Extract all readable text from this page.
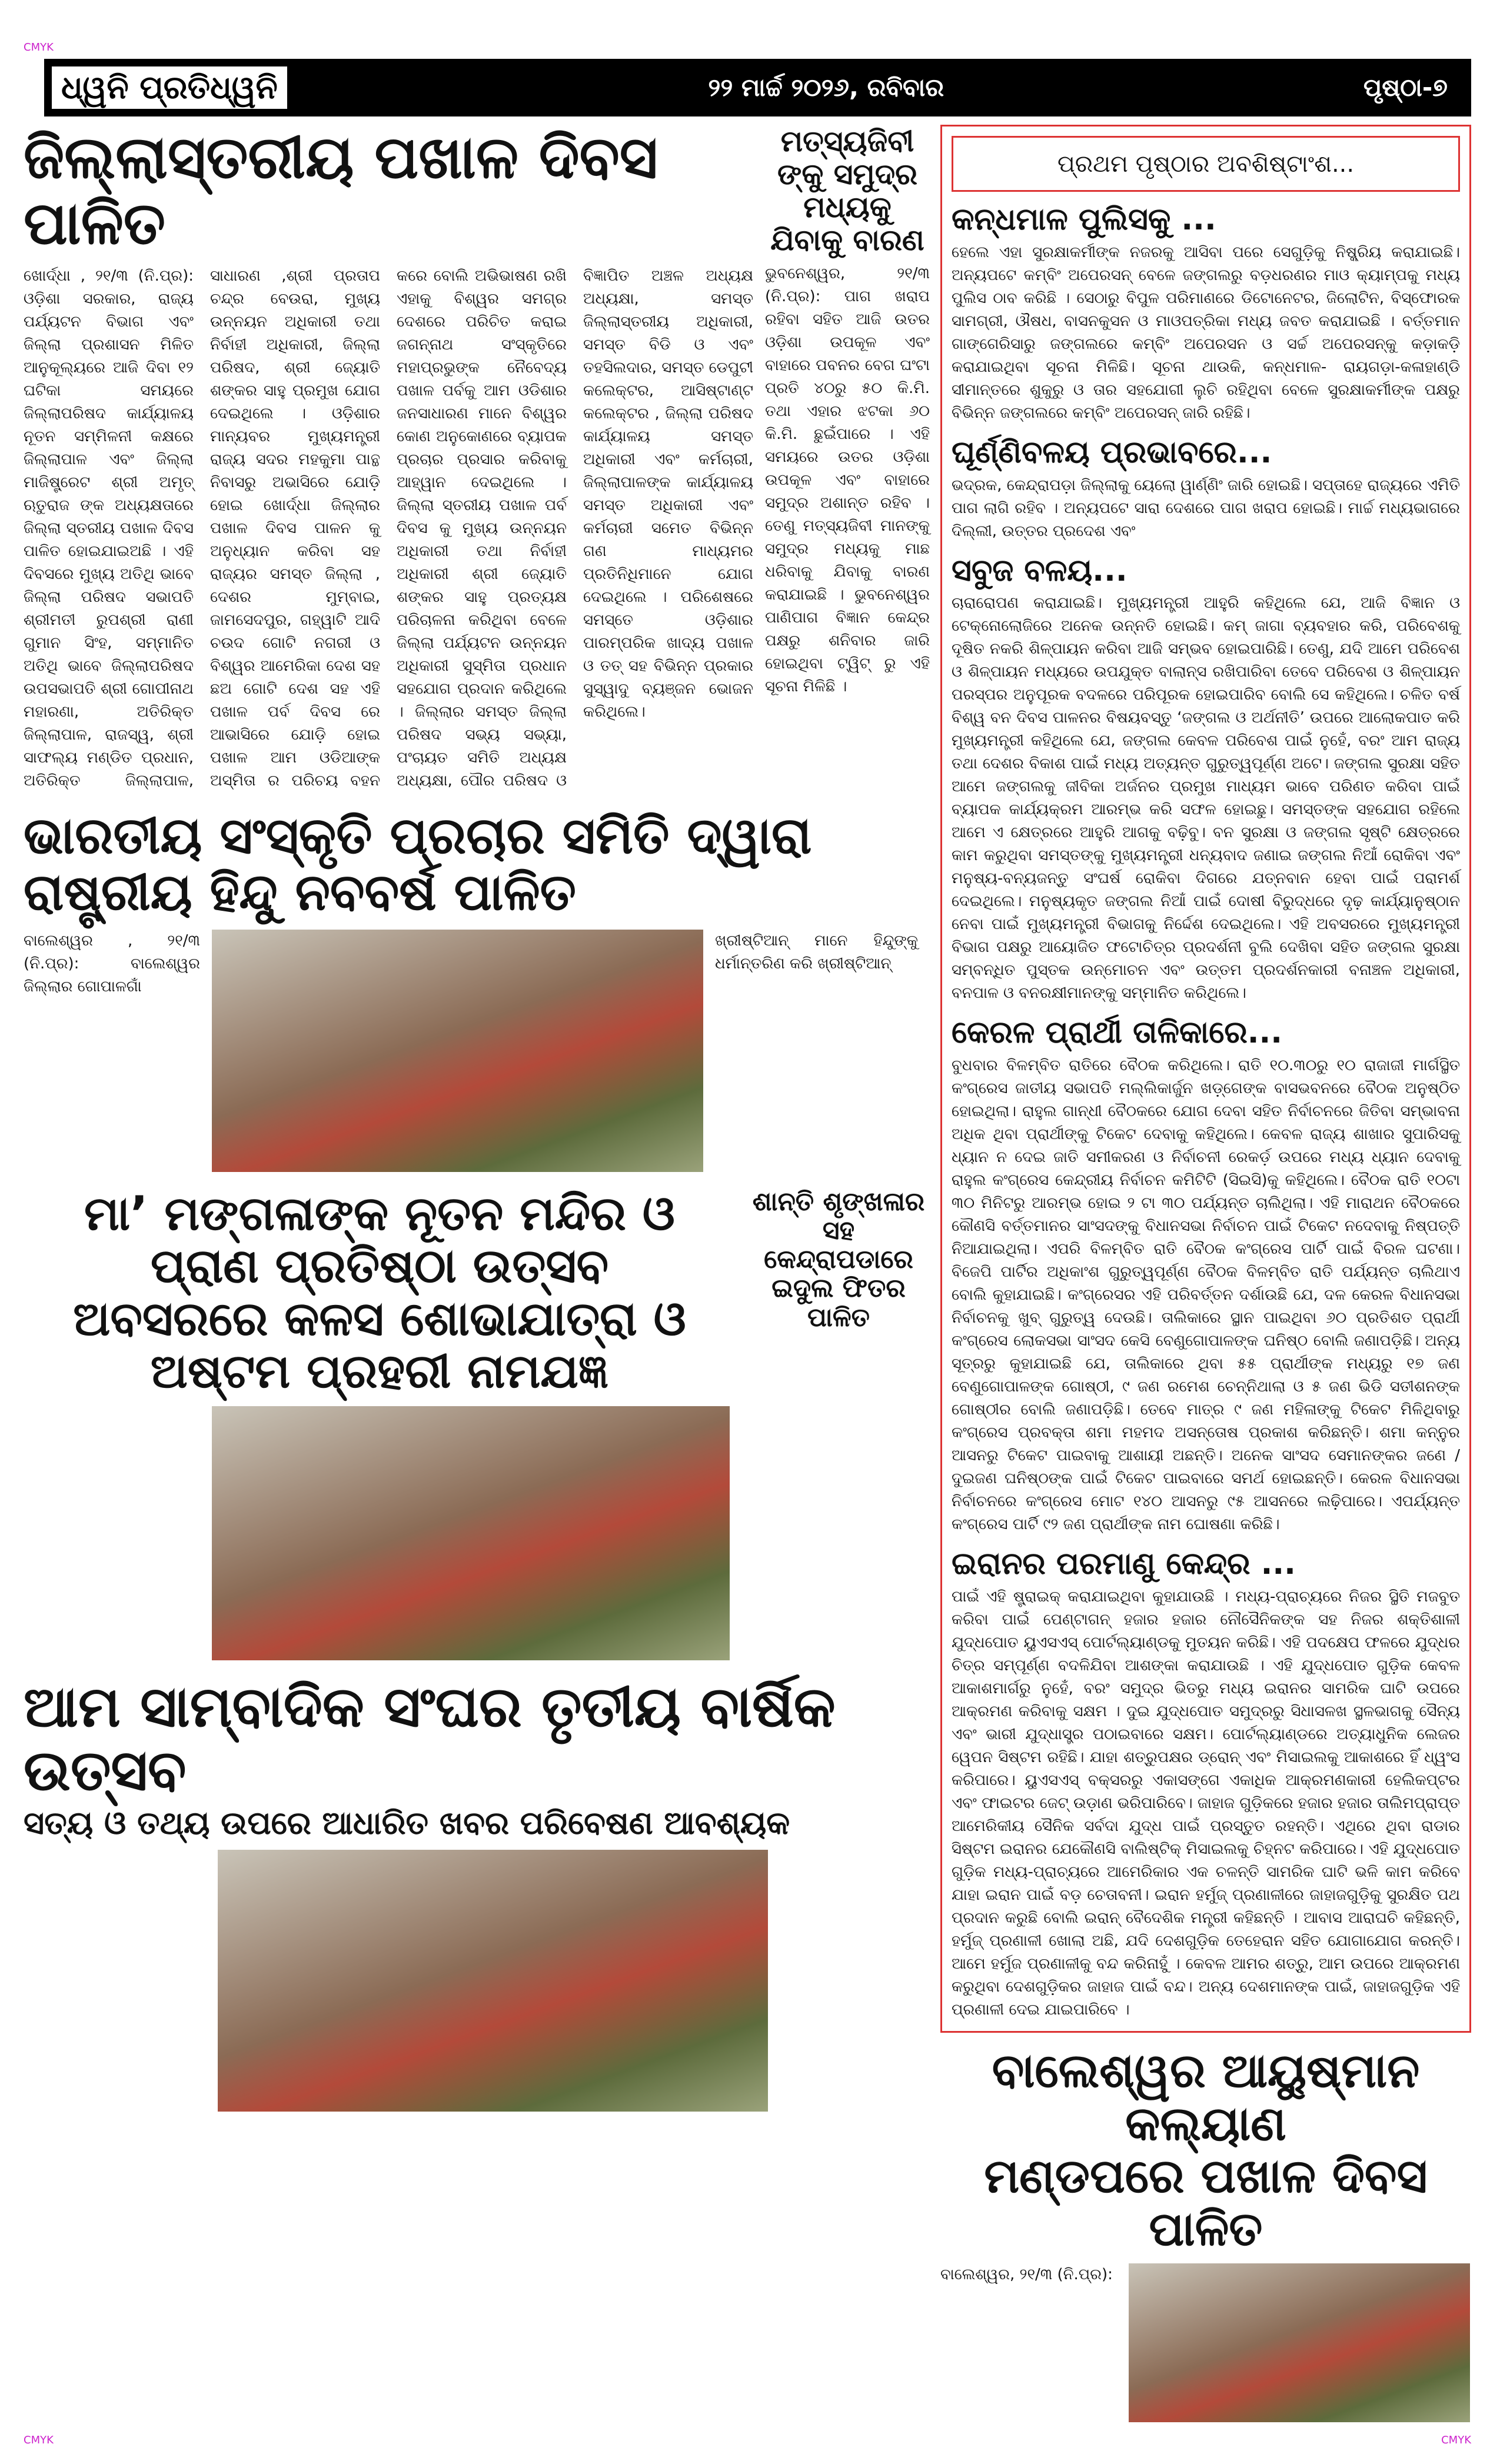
CMYK
ଧ୍ୱନି ପ୍ରତିଧ୍ୱନି	୨୨ ମାର୍ଚ୍ଚ ୨୦୨୬, ରବିବାର	ପୃଷ୍ଠା-୭
ଜିଲ୍ଲାସ୍ତରୀୟ ପଖାଳ ଦିବସ ପାଳିତ
ଖୋର୍ଦ୍ଧା , ୨୧/୩ (ନି.ପ୍ର): ଓଡ଼ିଶା ସରକାର, ରାଜ୍ୟ ପର୍ଯ୍ୟଟନ ବିଭାଗ ଏବଂ ଜିଲ୍ଲା ପ୍ରଶାସନ ମିଳିତ ଆନୁକୂଲ୍ୟରେ ଆଜି ଦିବା ୧୨ ଘଟିକା ସମୟରେ ଜିଲ୍ଲାପରିଷଦ କାର୍ଯ୍ୟାଳୟ ନୂତନ ସମ୍ମିଳନୀ କକ୍ଷରେ ଜିଲ୍ଲାପାଳ ଏବଂ ଜିଲ୍ଲା ମାଜିଷ୍ଟ୍ରେଟ ଶ୍ରୀ ଅମୃତ୍ ଋତୁରାଜ ଙ୍କ ଅଧ୍ୟକ୍ଷତାରେ ଜିଲ୍ଲା ସ୍ତରୀୟ ପଖାଳ ଦିବସ ପାଳିତ ହୋଇଯାଇଅଛି । ଏହି ଦିବସରେ ମୁଖ୍ୟ ଅତିଥି ଭାବେ ଜିଲ୍ଲା ପରିଷଦ ସଭାପତି ଶ୍ରୀମତୀ ରୁପଶ୍ରୀ ରାଣୀ ଗୁମାନ ସିଂହ, ସମ୍ମାନିତ ଅତିଥି ଭାବେ ଜିଲ୍ଲାପରିଷଦ ଉପସଭାପତି ଶ୍ରୀ ଗୋପୀନାଥ ମହାରଣା, ଅତିରିକ୍ତ ଜିଲ୍ଲାପାଳ, ରାଜସ୍ୱ, ଶ୍ରୀ ସାଫଲ୍ୟ ମଣ୍ଡିତ ପ୍ରଧାନ, ଅତିରିକ୍ତ ଜିଲ୍ଲାପାଳ, ସାଧାରଣ ,ଶ୍ରୀ ପ୍ରତାପ ଚନ୍ଦ୍ର ବେଉରା, ମୁଖ୍ୟ ଉନ୍ନୟନ ଅଧିକାରୀ ତଥା ନିର୍ବାହୀ ଅଧିକାରୀ, ଜିଲ୍ଲା ପରିଷଦ, ଶ୍ରୀ ଜ୍ୟୋତି ଶଙ୍କର ସାହୁ ପ୍ରମୁଖ ଯୋଗ ଦେଇଥିଲେ । ଓଡ଼ିଶାର ମାନ୍ୟବର ମୁଖ୍ୟମନ୍ତ୍ରୀ ରାଜ୍ୟ ସଦର ମହକୁମା ପାନ୍ଥ ନିବାସରୁ ଅଭାସିରେ ଯୋଡ଼ି ହୋଇ ଖୋର୍ଦ୍ଧା ଜିଲ୍ଲାର ପଖାଳ ଦିବସ ପାଳନ କୁ ଅନୁଧ୍ୟାନ କରିବା ସହ ରାଜ୍ୟର ସମସ୍ତ ଜିଲ୍ଲା , ଦେଶର ମୁମ୍ବାଇ, ଜାମସେଦପୁର, ଗହ୍ୱାଟି ଆଦି ଚଉଦ ଗୋଟି ନଗରୀ ଓ ବିଶ୍ୱର ଆମେରିକା ଦେଶ ସହ ଛଅ ଗୋଟି ଦେଶ ସହ ଏହି ପଖାଳ ପର୍ବ ଦିବସ ରେ ଆଭାସିରେ ଯୋଡ଼ି ହୋଇ ପଖାଳ ଆମ ଓଡିଆଙ୍କ ଅସ୍ମିତା ର ପରିଚୟ ବହନ କରେ ବୋଲି ଅଭିଭାଷଣ ରଖି ଏହାକୁ ବିଶ୍ୱର ସମଗ୍ର ଦେଶରେ ପରିଚିତ କରାଇ ଜଗନ୍ନାଥ ସଂସ୍କୃତିରେ ମହାପ୍ରଭୁଙ୍କ ନୈବେଦ୍ୟ ପଖାଳ ପର୍ବକୁ ଆମ ଓଡିଶାର ଜନସାଧାରଣ ମାନେ ବିଶ୍ୱର କୋଣ ଅନୁକୋଣରେ ବ୍ୟାପକ ପ୍ରଚାର ପ୍ରସାର କରିବାକୁ ଆହ୍ୱାନ ଦେଇଥିଲେ । ଜିଲ୍ଲା ସ୍ତରୀୟ ପଖାଳ ପର୍ବ ଦିବସ କୁ ମୁଖ୍ୟ ଉନ୍ନୟନ ଅଧିକାରୀ ତଥା ନିର୍ବାହୀ ଅଧିକାରୀ ଶ୍ରୀ ଜ୍ୟୋତି ଶଙ୍କର ସାହୁ ପ୍ରତ୍ୟକ୍ଷ ପରିଚାଳନା କରିଥିବା ବେଳେ ଜିଲ୍ଲା ପର୍ଯ୍ୟଟନ ଉନ୍ନୟନ ଅଧିକାରୀ ସୁସ୍ମିତା ପ୍ରଧାନ ସହଯୋଗ ପ୍ରଦାନ କରିଥିଲେ । ଜିଲ୍ଲାର ସମସ୍ତ ଜିଲ୍ଲା ପରିଷଦ ସଭ୍ୟ ସଭ୍ୟା, ପଂଚାୟତ ସମିତି ଅଧ୍ୟକ୍ଷ ଅଧ୍ୟକ୍ଷା, ପୌର ପରିଷଦ ଓ ବିଜ୍ଞାପିତ ଅଞ୍ଚଳ ଅଧ୍ୟକ୍ଷ ଅଧ୍ୟକ୍ଷା, ସମସ୍ତ ଜିଲ୍ଲାସ୍ତରୀୟ ଅଧିକାରୀ, ସମସ୍ତ ବିଡି ଓ ଏବଂ ତହସିଲଦାର, ସମସ୍ତ ଡେପୁଟୀ କଲେକ୍ଟର, ଆସିଷ୍ଟାଣ୍ଟ କଲେକ୍ଟର , ଜିଲ୍ଲା ପରିଷଦ କାର୍ଯ୍ୟାଳୟ ସମସ୍ତ ଅଧିକାରୀ ଏବଂ କର୍ମଚାରୀ, ଜିଲ୍ଲାପାଳଙ୍କ କାର୍ଯ୍ୟାଳୟ ସମସ୍ତ ଅଧିକାରୀ ଏବଂ କର୍ମଚାରୀ ସମେତ ବିଭିନ୍ନ ଗଣ ମାଧ୍ୟମର ପ୍ରତିନିଧିମାନେ ଯୋଗ ଦେଇଥିଲେ । ପରିଶେଷରେ ସମସ୍ତେ ଓଡ଼ିଶାର ପାରମ୍ପରିକ ଖାଦ୍ୟ ପଖାଳ ଓ ତତ୍ ସହ ବିଭିନ୍ନ ପ୍ରକାର ସୁସ୍ୱାଦୁ ବ୍ୟଞ୍ଜନ ଭୋଜନ କରିଥିଲେ।
ମତ୍ସ୍ୟଜିବୀଙ୍କୁ ସମୁଦ୍ର ମଧ୍ୟକୁ ଯିବାକୁ ବାରଣ
ଭୁବନେଶ୍ୱର, ୨୧/୩ (ନି.ପ୍ର): ପାଗ ଖରାପ ରହିବା ସହିତ ଆଜି ଉତର ଓଡ଼ିଶା ଉପକୂଳ ଏବଂ ବାହାରେ ପବନର ବେଗ ଘଂଟା ପ୍ରତି ୪୦ରୁ ୫୦ କି.ମି. ତଥା ଏହାର ଝଟକା ୬୦ କି.ମି. ଛୁଇଁପାରେ । ଏହି ସମୟରେ ଉତର ଓଡ଼ିଶା ଉପକୂଳ ଏବଂ ବାହାରେ ସମୁଦ୍ର ଅଶାନ୍ତ ରହିବ । ତେଣୁ ମତ୍ସ୍ୟଜିବୀ ମାନଙ୍କୁ ସମୁଦ୍ର ମଧ୍ୟକୁ ମାଛ ଧରିବାକୁ ଯିବାକୁ ବାରଣ କରାଯାଇଛି । ଭୁବନେଶ୍ୱର ପାଣିପାଗ ବିଜ୍ଞାନ କେନ୍ଦ୍ର ପକ୍ଷରୁ ଶନିବାର ଜାରି ହୋଇଥିବା ଟ୍ୱିଟ୍ ରୁ ଏହି ସୂଚନା ମିଳିଛି ।
ଭାରତୀୟ ସଂସ୍କୃତି ପ୍ରଚାର ସମିତି ଦ୍ୱାରା ରାଷ୍ଟ୍ରୀୟ ହିନ୍ଦୁ ନବବର୍ଷ ପାଳିତ
ବାଲେଶ୍ୱର , ୨୧/୩ (ନି.ପ୍ର): ବାଲେଶ୍ୱର ଜିଲ୍ଲାର ଗୋପାଳଗାଁ
ଖ୍ରୀଷ୍ଟିଆନ୍ ମାନେ ହିନ୍ଦୁଙ୍କୁ ଧର୍ମାନ୍ତରିଣ କରି ଖ୍ରୀଷ୍ଟିଆନ୍
ମା’ ମଙ୍ଗଳାଙ୍କ ନୂତନ ମନ୍ଦିର ଓ ପ୍ରାଣ ପ୍ରତିଷ୍ଠା ଉତ୍ସବ
ଅବସରରେ କଳସ ଶୋଭାଯାତ୍ରା ଓ ଅଷ୍ଟମ ପ୍ରହରୀ ନାମଯଜ୍ଞ
ଶାନ୍ତି ଶୃଙ୍ଖଳାର ସହ କେନ୍ଦ୍ରାପଡାରେ ଇଦୁଲ ଫିତର ପାଳିତ
ଆମ ସାମ୍ବାଦିକ ସଂଘର ତୃତୀୟ ବାର୍ଷିକ ଉତ୍ସବ
ସତ୍ୟ ଓ ତଥ୍ୟ ଉପରେ ଆଧାରିତ ଖବର ପରିବେଷଣ ଆବଶ୍ୟକ
ପ୍ରଥମ ପୃଷ୍ଠାର ଅବଶିଷ୍ଟାଂଶ...
କନ୍ଧମାଳ ପୁଲିସକୁ ...
ହେଲେ ଏହା ସୁରକ୍ଷାକର୍ମୀଙ୍କ ନଜରକୁ ଆସିବା ପରେ ସେଗୁଡ଼ିକୁ ନିଷ୍କ୍ରିୟ କରାଯାଇଛି। ଅନ୍ୟପଟେ କମ୍ବିଂ ଅପେରସନ୍ ବେଳେ ଜଙ୍ଗଲରୁ ବଡ଼ଧରଣର ମାଓ କ୍ୟାମ୍ପକୁ ମଧ୍ୟ ପୁଲିସ ଠାବ କରିଛି । ସେଠାରୁ ବିପୁଳ ପରିମାଣରେ ଡିଟୋନେଟର, ଜିଲୋଟିନ, ବିସ୍ଫୋରକ ସାମଗ୍ରୀ, ଔଷଧ, ବାସନକୁସନ ଓ ମାଓପତ୍ରିକା ମଧ୍ୟ ଜବତ କରାଯାଇଛି । ବର୍ତ୍ତମାନ ଗାଙ୍ଗେରିସାରୁ ଜଙ୍ଗଲରେ କମ୍ବିଂ ଅପେରସନ ଓ ସର୍ଚ୍ଚ ଅପେରସନ୍‌କୁ କଡ଼ାକଡ଼ି କରାଯାଇଥିବା ସୂଚନା ମିଳିଛି। ସୂଚନା ଥାଉକି, କନ୍ଧମାଳ- ରାୟଗଡ଼ା-କଳାହାଣ୍ଡି ସୀମାନ୍ତରେ ଶୁକୁରୁ ଓ ତାର ସହଯୋଗୀ ଲୁଚି ରହିଥିବା ବେଳେ ସୁରକ୍ଷାକର୍ମୀଙ୍କ ପକ୍ଷରୁ ବିଭିନ୍ନ ଜଙ୍ଗଲରେ କମ୍ବିଂ ଅପେରସନ୍ ଜାରି ରହିଛି।
ଘୂର୍ଣ୍ଣିବଳୟ ପ୍ରଭାବରେ...
ଭଦ୍ରକ, କେନ୍ଦ୍ରାପଡ଼ା ଜିଲ୍ଲାକୁ ୟେଲୋ ୱାର୍ଣ୍ଣିଂ ଜାରି ହୋଇଛି। ସପ୍ତାହେ ରାଜ୍ୟରେ ଏମିତି ପାଗ ଲାଗି ରହିବ । ଅନ୍ୟପଟେ ସାରା ଦେଶରେ ପାଗ ଖରାପ ହୋଇଛି। ମାର୍ଚ୍ଚ ମଧ୍ୟଭାଗରେ ଦିଲ୍ଲୀ, ଉତ୍ତର ପ୍ରଦେଶ ଏବଂ
ସବୁଜ ବଳୟ...
ଚାରାରୋପଣ କରାଯାଇଛି। ମୁଖ୍ୟମନ୍ତ୍ରୀ ଆହୁରି କହିଥିଲେ ଯେ, ଆଜି ବିଜ୍ଞାନ ଓ ଟେକ୍‌ନୋଲୋଜିରେ ଅନେକ ଉନ୍ନତି ହୋଇଛି। କମ୍ ଜାଗା ବ୍ୟବହାର କରି, ପରିବେଶକୁ ଦୂଷିତ ନକରି ଶିଳ୍ପାୟନ କରିବା ଆଜି ସମ୍ଭବ ହୋଇପାରିଛି। ତେଣୁ, ଯଦି ଆମେ ପରିବେଶ ଓ ଶିଳ୍ପାୟନ ମଧ୍ୟରେ ଉପଯୁକ୍ତ ବାଲାନ୍ସ ରଖିପାରିବା ତେବେ ପରିବେଶ ଓ ଶିଳ୍ପାୟନ ପରସ୍ପର ଅନୁପୂରକ ବଦଳରେ ପରିପୂରକ ହୋଇପାରିବ ବୋଲି ସେ କହିଥିଲେ। ଚଳିତ ବର୍ଷ ବିଶ୍ୱ ବନ ଦିବସ ପାଳନର ବିଷୟବସ୍ତୁ ‘ଜଙ୍ଗଲ ଓ ଅର୍ଥନୀତି’ ଉପରେ ଆଲୋକପାତ କରି ମୁଖ୍ୟମନ୍ତ୍ରୀ କହିଥିଲେ ଯେ, ଜଙ୍ଗଲ କେବଳ ପରିବେଶ ପାଇଁ ନୁହେଁ, ବରଂ ଆମ ରାଜ୍ୟ ତଥା ଦେଶର ବିକାଶ ପାଇଁ ମଧ୍ୟ ଅତ୍ୟନ୍ତ ଗୁରୁତ୍ୱପୂର୍ଣ୍ଣ ଅଟେ। ଜଙ୍ଗଲ ସୁରକ୍ଷା ସହିତ ଆମେ ଜଙ୍ଗଲକୁ ଜୀବିକା ଅର୍ଜନର ପ୍ରମୁଖ ମାଧ୍ୟମ ଭାବେ ପରିଣତ କରିବା ପାଇଁ ବ୍ୟାପକ କାର୍ଯ୍ୟକ୍ରମ ଆରମ୍ଭ କରି ସଫଳ ହୋଇଛୁ। ସମସ୍ତଙ୍କ ସହଯୋଗ ରହିଲେ ଆମେ ଏ କ୍ଷେତ୍ରରେ ଆହୁରି ଆଗକୁ ବଢ଼ିବୁ। ବନ ସୁରକ୍ଷା ଓ ଜଙ୍ଗଲ ସୃଷ୍ଟି କ୍ଷେତ୍ରରେ କାମ କରୁଥିବା ସମସ୍ତଙ୍କୁ ମୁଖ୍ୟମନ୍ତ୍ରୀ ଧନ୍ୟବାଦ ଜଣାଇ ଜଙ୍ଗଲ ନିଆଁ ରୋକିବା ଏବଂ ମନୁଷ୍ୟ-ବନ୍ୟଜନ୍ତୁ ସଂଘର୍ଷ ରୋକିବା ଦିଗରେ ଯତ୍ନବାନ ହେବା ପାଇଁ ପରାମର୍ଶ ଦେଇଥିଲେ। ମନୁଷ୍ୟକୃତ ଜଙ୍ଗଲ ନିଆଁ ପାଇଁ ଦୋଷୀ ବିରୁଦ୍ଧରେ ଦୃଢ଼ କାର୍ଯ୍ୟାନୁଷ୍ଠାନ ନେବା ପାଇଁ ମୁଖ୍ୟମନ୍ତ୍ରୀ ବିଭାଗକୁ ନିର୍ଦ୍ଦେଶ ଦେଇଥିଲେ। ଏହି ଅବସରରେ ମୁଖ୍ୟମନ୍ତ୍ରୀ ବିଭାଗ ପକ୍ଷରୁ ଆୟୋଜିତ ଫଟୋଚିତ୍ର ପ୍ରଦର୍ଶନୀ ବୁଲି ଦେଖିବା ସହିତ ଜଙ୍ଗଲ ସୁରକ୍ଷା ସମ୍ବନ୍ଧିତ ପୁସ୍ତକ ଉନ୍ମୋଚନ ଏବଂ ଉତ୍ତମ ପ୍ରଦର୍ଶନକାରୀ ବନାଞ୍ଚଳ ଅଧିକାରୀ, ବନପାଳ ଓ ବନରକ୍ଷୀମାନଙ୍କୁ ସମ୍ମାନିତ କରିଥିଲେ।
କେରଳ ପ୍ରାର୍ଥୀ ତାଳିକାରେ...
ବୁଧବାର ବିଳମ୍ବିତ ରାତିରେ ବୈଠକ କରିଥିଲେ। ରାତି ୧୦.୩୦ରୁ ୧୦ ରାଜାଜୀ ମାର୍ଗସ୍ଥିତ କଂଗ୍ରେସ ଜାତୀୟ ସଭାପତି ମଲ୍ଲିକାର୍ଜୁନ ଖଡ଼୍‌ଗେଙ୍କ ବାସଭବନରେ ବୈଠକ ଅନୁଷ୍ଠିତ ହୋଇଥିଲା। ରାହୁଲ ଗାନ୍ଧୀ ବୈଠକରେ ଯୋଗ ଦେବା ସହିତ ନିର୍ବାଚନରେ ଜିତିବା ସମ୍ଭାବନା ଅଧିକ ଥିବା ପ୍ରାର୍ଥୀଙ୍କୁ ଟିକେଟ ଦେବାକୁ କହିଥିଲେ। କେବଳ ରାଜ୍ୟ ଶାଖାର ସୁପାରିସକୁ ଧ୍ୟାନ ନ ଦେଇ ଜାତି ସମୀକରଣ ଓ ନିର୍ବାଚନୀ ରେକର୍ଡ଼ ଉପରେ ମଧ୍ୟ ଧ୍ୟାନ ଦେବାକୁ ରାହୁଲ କଂଗ୍ରେସ କେନ୍ଦ୍ରୀୟ ନିର୍ବାଚନ କମିଟିଟି (ସିଇସି)କୁ କହିଥିଲେ। ବୈଠକ ରାତି ୧୦ଟା ୩୦ ମିନିଟରୁ ଆରମ୍ଭ ହୋଇ ୨ ଟା ୩୦ ପର୍ଯ୍ୟନ୍ତ ଚାଲିଥିଲା। ଏହି ମାରାଥନ ବୈଠକରେ କୌଣସି ବର୍ତ୍ତମାନର ସାଂସଦଙ୍କୁ ବିଧାନସଭା ନିର୍ବାଚନ ପାଇଁ ଟିକେଟ ନଦେବାକୁ ନିଷ୍ପତ୍ତି ନିଆଯାଇଥିଲା। ଏପରି ବିଳମ୍ବିତ ରାତି ବୈଠକ କଂଗ୍ରେସ ପାର୍ଟି ପାଇଁ ବିରଳ ଘଟଣା। ବିଜେପି ପାର୍ଟିର ଅଧିକାଂଶ ଗୁରୁତ୍ୱପୂର୍ଣ୍ଣ ବୈଠକ ବିଳମ୍ବିତ ରାତି ପର୍ଯ୍ୟନ୍ତ ଚାଲିଥାଏ ବୋଲି କୁହାଯାଇଛି। କଂଗ୍ରେସର ଏହି ପରିବର୍ତ୍ତନ ଦର୍ଶାଉଛି ଯେ, ଦଳ କେରଳ ବିଧାନସଭା ନିର୍ବାଚନକୁ ଖୁବ୍ ଗୁରୁତ୍ୱ ଦେଉଛି। ତାଲିକାରେ ସ୍ଥାନ ପାଇଥିବା ୬୦ ପ୍ରତିଶତ ପ୍ରାର୍ଥୀ କଂଗ୍ରେସ ଲୋକସଭା ସାଂସଦ କେସି ବେଣୁଗୋପାଳଙ୍କ ଘନିଷ୍ଠ ବୋଲି ଜଣାପଡ଼ିଛି। ଅନ୍ୟ ସୂତ୍ରରୁ କୁହାଯାଇଛି ଯେ, ତାଲିକାରେ ଥିବା ୫୫ ପ୍ରାର୍ଥୀଙ୍କ ମଧ୍ୟରୁ ୧୭ ଜଣ ବେଣୁଗୋପାଳଙ୍କ ଗୋଷ୍ଠୀ, ୯ ଜଣ ରମେଶ ଚେନ୍ନିଥାଲା ଓ ୫ ଜଣ ଭିଡି ସତୀଶନଙ୍କ ଗୋଷ୍ଠୀର ବୋଲି ଜଣାପଡ଼ିଛି। ତେବେ ମାତ୍ର ୯ ଜଣ ମହିଳାଙ୍କୁ ଟିକେଟ ମିଳିଥିବାରୁ କଂଗ୍ରେସ ପ୍ରବକ୍ତା ଶମା ମହମଦ ଅସନ୍ତୋଷ ପ୍ରକାଶ କରିଛନ୍ତି। ଶମା କନ୍ନୁର ଆସନରୁ ଟିକେଟ ପାଇବାକୁ ଆଶାୟୀ ଅଛନ୍ତି। ଅନେକ ସାଂସଦ ସେମାନଙ୍କର ଜଣେ /ଦୁଇଜଣ ଘନିଷ୍ଠଙ୍କ ପାଇଁ ଟିକେଟ ପାଇବାରେ ସମର୍ଥ ହୋଇଛନ୍ତି। କେରଳ ବିଧାନସଭା ନିର୍ବାଚନରେ କଂଗ୍ରେସ ମୋଟ ୧୪୦ ଆସନରୁ ୯୫ ଆସନରେ ଲଢ଼ିପାରେ। ଏପର୍ଯ୍ୟନ୍ତ କଂଗ୍ରେସ ପାର୍ଟି ୯୨ ଜଣ ପ୍ରାର୍ଥୀଙ୍କ ନାମ ଘୋଷଣା କରିଛି।
ଇରାନର ପରମାଣୁ କେନ୍ଦ୍ର ...
ପାଇଁ ଏହି ଷ୍ଟ୍ରାଇକ୍ କରାଯାଇଥିବା କୁହାଯାଉଛି । ମଧ୍ୟ-ପ୍ରାଚ୍ୟରେ ନିଜର ସ୍ଥିତି ମଜବୁତ କରିବା ପାଇଁ ପେଣ୍ଟାଗନ୍ ହଜାର ହଜାର ନୌସୈନିକଙ୍କ ସହ ନିଜର ଶକ୍ତିଶାଳୀ ଯୁଦ୍ଧପୋତ ୟୁଏସଏସ୍ ପୋର୍ଟଲ୍ୟାଣ୍ଡକୁ ମୁତୟନ କରିଛି। ଏହି ପଦକ୍ଷେପ ଫଳରେ ଯୁଦ୍ଧର ଚିତ୍ର ସମ୍ପୂର୍ଣ୍ଣ ବଦଳିଯିବା ଆଶଙ୍କା କରାଯାଉଛି । ଏହି ଯୁଦ୍ଧପୋତ ଗୁଡ଼ିକ କେବଳ ଆକାଶମାର୍ଗରୁ ନୁହେଁ, ବରଂ ସମୁଦ୍ର ଭିତରୁ ମଧ୍ୟ ଇରାନର ସାମରିକ ଘାଟି ଉପରେ ଆକ୍ରମଣ କରିବାକୁ ସକ୍ଷମ । ଦୁଇ ଯୁଦ୍ଧପୋତ ସମୁଦ୍ରରୁ ସିଧାସଳଖ ସ୍ଥଳଭାଗକୁ ସୈନ୍ୟ ଏବଂ ଭାରୀ ଯୁଦ୍ଧାସ୍ତ୍ର ପଠାଇବାରେ ସକ୍ଷମ। ପୋର୍ଟଲ୍ୟାଣ୍ଡରେ ଅତ୍ୟାଧୁନିକ ଲେଜର ୱେପନ ସିଷ୍ଟମ ରହିଛି। ଯାହା ଶତ୍ରୁପକ୍ଷର ଡ୍ରୋନ୍ ଏବଂ ମିସାଇଲକୁ ଆକାଶରେ ହିଁ ଧ୍ୱଂସ କରିପାରେ। ୟୁଏସଏସ୍ ବକ୍ସରରୁ ଏକାସଙ୍ଗେ ଏକାଧିକ ଆକ୍ରମଣକାରୀ ହେଲିକପ୍ଟର ଏବଂ ଫାଇଟର ଜେଟ୍ ଉଡ଼ାଣ ଭରିପାରିବେ। ଜାହାଜ ଗୁଡ଼ିକରେ ହଜାର ହଜାର ତାଲିମପ୍ରାପ୍ତ ଆମେରିକୀୟ ସୈନିକ ସର୍ବଦା ଯୁଦ୍ଧ ପାଇଁ ପ୍ରସ୍ତୁତ ରହନ୍ତି। ଏଥିରେ ଥିବା ରାଡାର ସିଷ୍ଟମ ଇରାନର ଯେକୌଣସି ବାଲିଷ୍ଟିକ୍ ମିସାଇଲକୁ ଚିହ୍ନଟ କରିପାରେ। ଏହି ଯୁଦ୍ଧପୋତ ଗୁଡ଼ିକ ମଧ୍ୟ-ପ୍ରାଚ୍ୟରେ ଆମେରିକାର ଏକ ଚଳନ୍ତି ସାମରିକ ଘାଟି ଭଳି କାମ କରିବେ ଯାହା ଇରାନ ପାଇଁ ବଡ଼ ଚେତାବନୀ। ଇରାନ ହର୍ମୁଜ୍ ପ୍ରଣାଳୀରେ ଜାହାଜଗୁଡ଼ିକୁ ସୁରକ୍ଷିତ ପଥ ପ୍ରଦାନ କରୁଛି ବୋଲି ଇରାନ୍ ବୈଦେଶିକ ମନ୍ତ୍ରୀ କହିଛନ୍ତି । ଆବାସ ଆରାଘଚି କହିଛନ୍ତି, ହର୍ମୁଜ୍ ପ୍ରଣାଳୀ ଖୋଲା ଅଛି, ଯଦି ଦେଶଗୁଡ଼ିକ ତେହେରାନ ସହିତ ଯୋଗାଯୋଗ କରନ୍ତି। ଆମେ ହର୍ମୁଜ ପ୍ରଣାଳୀକୁ ବନ୍ଦ କରିନାହୁଁ । କେବଳ ଆମର ଶତ୍ରୁ, ଆମ ଉପରେ ଆକ୍ରମଣ କରୁଥିବା ଦେଶଗୁଡ଼ିକର ଜାହାଜ ପାଇଁ ବନ୍ଦ। ଅନ୍ୟ ଦେଶମାନଙ୍କ ପାଇଁ, ଜାହାଜଗୁଡ଼ିକ ଏହି ପ୍ରଣାଳୀ ଦେଇ ଯାଇପାରିବେ ।
ବାଲେଶ୍ୱର ଆୟୁଷ୍ମାନ କଲ୍ୟାଣ
ମଣ୍ଡପରେ ପଖାଳ ଦିବସ ପାଳିତ
ବାଲେଶ୍ୱର, ୨୧/୩ (ନି.ପ୍ର):
CMYK	CMYK
